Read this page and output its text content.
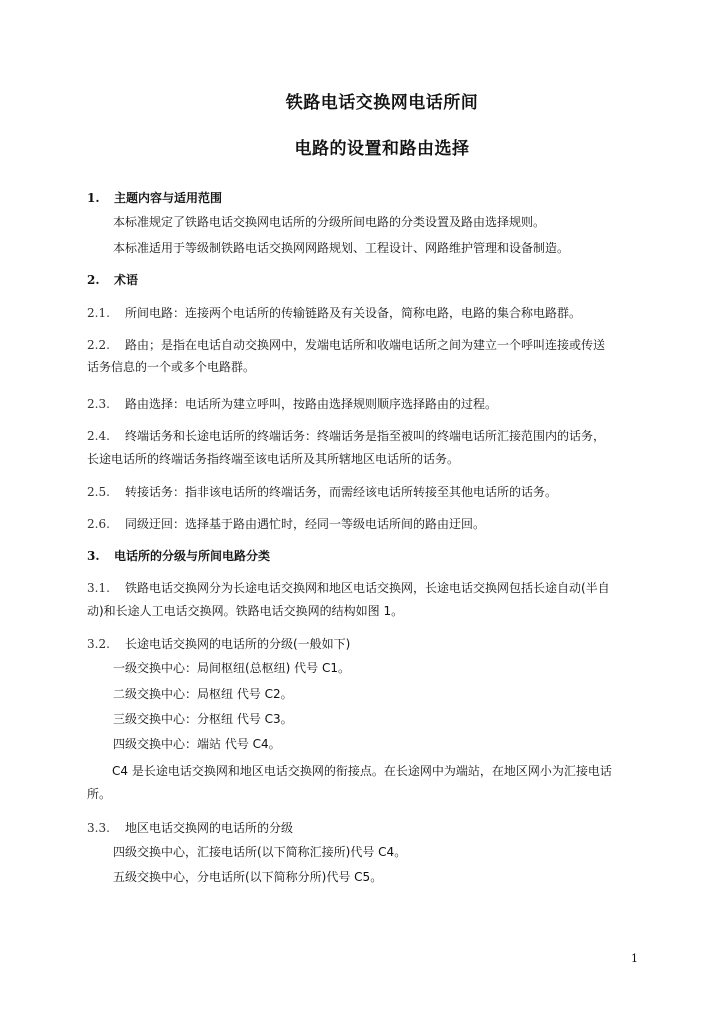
铁路电话交换网电话所间
电路的设置和路由选择
1. 主题内容与适用范围
本标准规定了铁路电话交换网电话所的分级所间电路的分类设置及路由选择规则。
本标准适用于等级制铁路电话交换网网路规划、工程设计、网路维护管理和设备制造。
2. 术语
2.1. 所间电路：连接两个电话所的传输链路及有关设备，简称电路，电路的集合称电路群。
2.2. 路由；是指在电话自动交换网中，发端电话所和收端电话所之间为建立一个呼叫连接或传送
话务信息的一个或多个电路群。
2.3. 路由选择：电话所为建立呼叫，按路由选择规则顺序选择路由的过程。
2.4. 终端话务和长途电话所的终端话务：终端话务是指至被叫的终端电话所汇接范围内的话务，
长途电话所的终端话务指终端至该电话所及其所辖地区电话所的话务。
2.5. 转接话务：指非该电话所的终端话务，而需经该电话所转接至其他电话所的话务。
2.6. 同级迂回：选择基于路由遇忙时，经同一等级电话所间的路由迂回。
3. 电话所的分级与所间电路分类
3.1. 铁路电话交换网分为长途电话交换网和地区电话交换网，长途电话交换网包括长途自动(半自
动)和长途人工电话交换网。铁路电话交换网的结构如图 1。
3.2. 长途电话交换网的电话所的分级(一般如下)
一级交换中心：局间枢纽(总枢纽) 代号 C1。
二级交换中心：局枢纽 代号 C2。
三级交换中心：分枢纽 代号 C3。
四级交换中心：端站 代号 C4。
C4 是长途电话交换网和地区电话交换网的衔接点。在长途网中为端站，在地区网小为汇接电话
所。
3.3. 地区电话交换网的电话所的分级
四级交换中心，汇接电话所(以下简称汇接所)代号 C4。
五级交换中心，分电话所(以下简称分所)代号 C5。
1
